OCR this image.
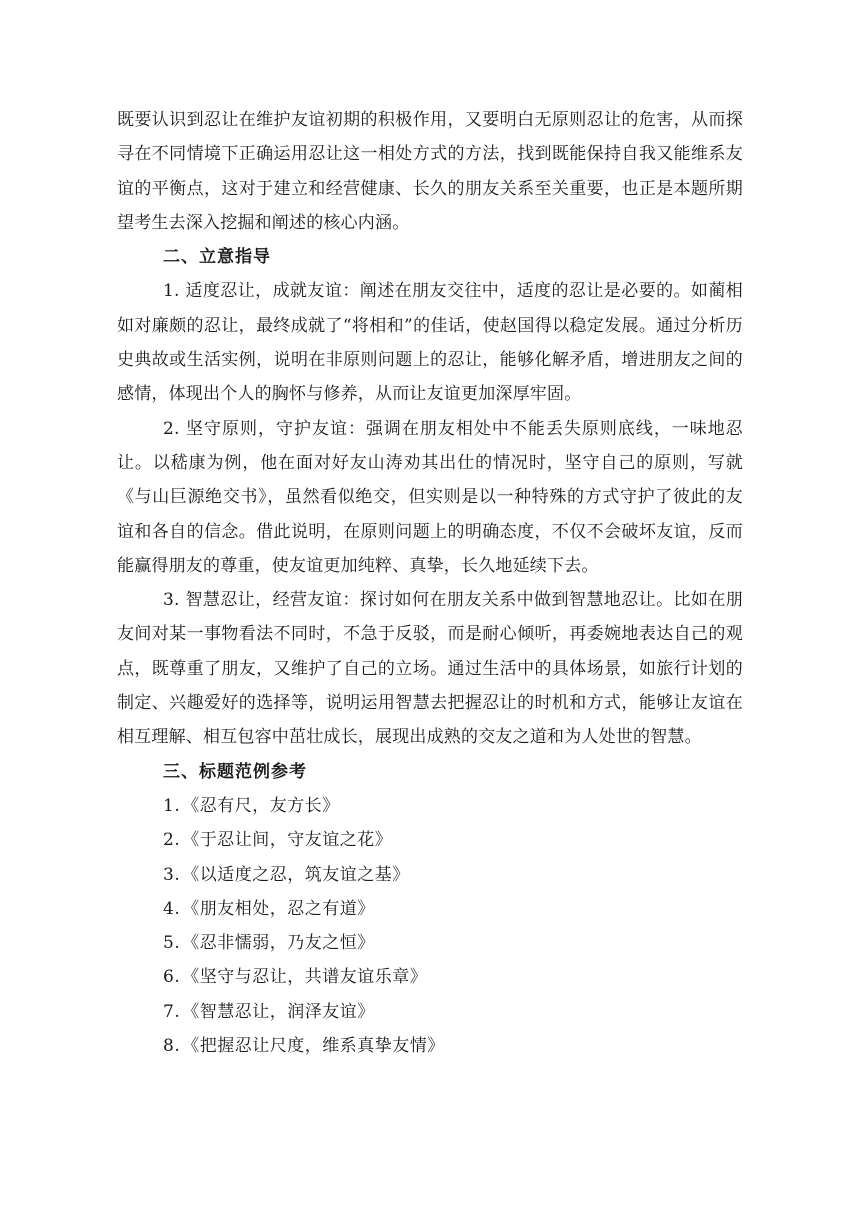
既要认识到忍让在维护友谊初期的积极作用，又要明白无原则忍让的危害，从而探寻在不同情境下正确运用忍让这一相处方式的方法，找到既能保持自我又能维系友谊的平衡点，这对于建立和经营健康、长久的朋友关系至关重要，也正是本题所期望考生去深入挖掘和阐述的核心内涵。

二、立意指导

1. 适度忍让，成就友谊：阐述在朋友交往中，适度的忍让是必要的。如蔺相如对廉颇的忍让，最终成就了“将相和”的佳话，使赵国得以稳定发展。通过分析历史典故或生活实例，说明在非原则问题上的忍让，能够化解矛盾，增进朋友之间的感情，体现出个人的胸怀与修养，从而让友谊更加深厚牢固。

2. 坚守原则，守护友谊：强调在朋友相处中不能丢失原则底线，一味地忍让。以嵇康为例，他在面对好友山涛劝其出仕的情况时，坚守自己的原则，写就《与山巨源绝交书》，虽然看似绝交，但实则是以一种特殊的方式守护了彼此的友谊和各自的信念。借此说明，在原则问题上的明确态度，不仅不会破坏友谊，反而能赢得朋友的尊重，使友谊更加纯粹、真挚，长久地延续下去。

3. 智慧忍让，经营友谊：探讨如何在朋友关系中做到智慧地忍让。比如在朋友间对某一事物看法不同时，不急于反驳，而是耐心倾听，再委婉地表达自己的观点，既尊重了朋友，又维护了自己的立场。通过生活中的具体场景，如旅行计划的制定、兴趣爱好的选择等，说明运用智慧去把握忍让的时机和方式，能够让友谊在相互理解、相互包容中茁壮成长，展现出成熟的交友之道和为人处世的智慧。

三、标题范例参考

1. 《忍有尺，友方长》
2. 《于忍让间，守友谊之花》
3. 《以适度之忍，筑友谊之基》
4. 《朋友相处，忍之有道》
5. 《忍非懦弱，乃友之恒》
6. 《坚守与忍让，共谱友谊乐章》
7. 《智慧忍让，润泽友谊》
8. 《把握忍让尺度，维系真挚友情》
